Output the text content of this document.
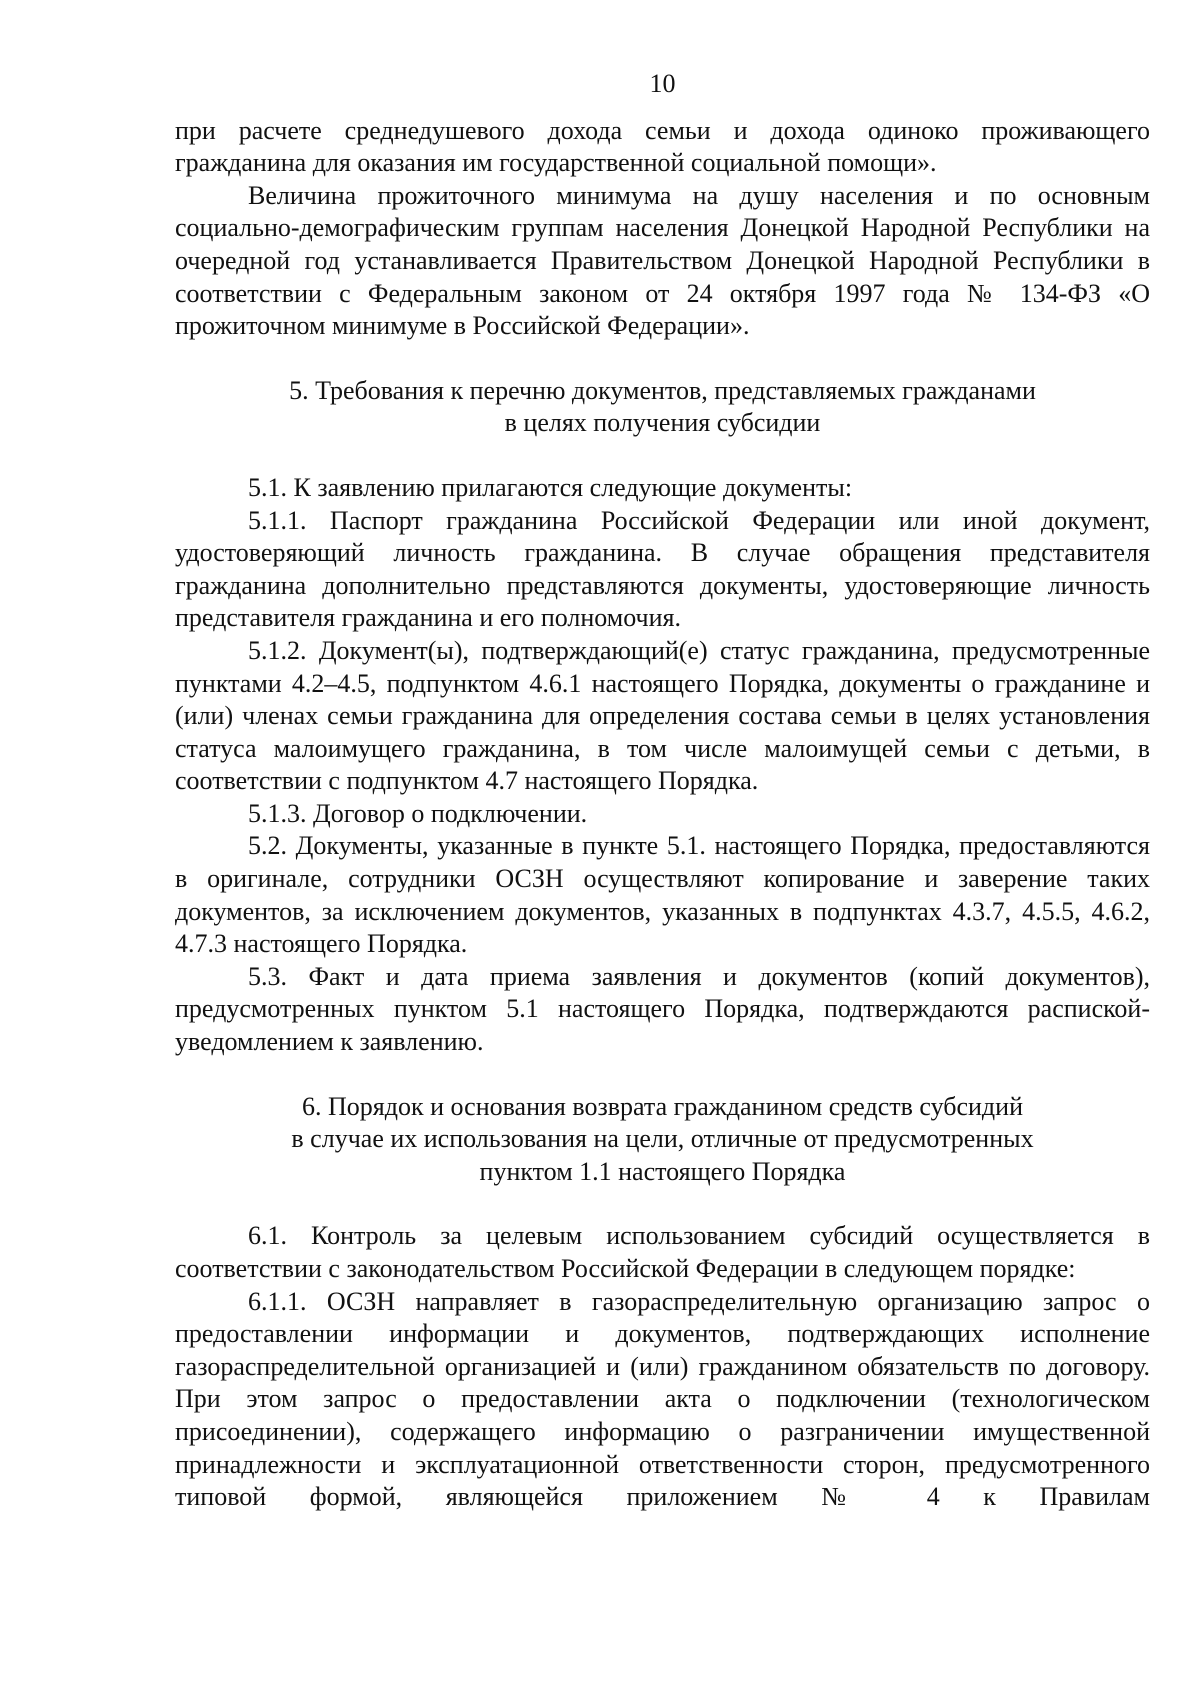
10

при расчете среднедушевого дохода семьи и дохода одиноко проживающего гражданина для оказания им государственной социальной помощи».

Величина прожиточного минимума на душу населения и по основным социально-демографическим группам населения Донецкой Народной Республики на очередной год устанавливается Правительством Донецкой Народной Республики в соответствии с Федеральным законом от 24 октября 1997 года № 134-ФЗ «О прожиточном минимуме в Российской Федерации».

5. Требования к перечню документов, представляемых гражданами

в целях получения субсидии

5.1. К заявлению прилагаются следующие документы:

5.1.1. Паспорт гражданина Российской Федерации или иной документ, удостоверяющий личность гражданина. В случае обращения представителя гражданина дополнительно представляются документы, удостоверяющие личность представителя гражданина и его полномочия.

5.1.2. Документ(ы), подтверждающий(е) статус гражданина, предусмотренные пунктами 4.2–4.5, подпунктом 4.6.1 настоящего Порядка, документы о гражданине и (или) членах семьи гражданина для определения состава семьи в целях установления статуса малоимущего гражданина, в том числе малоимущей семьи с детьми, в соответствии с подпунктом 4.7 настоящего Порядка.

5.1.3. Договор о подключении.

5.2. Документы, указанные в пункте 5.1. настоящего Порядка, предоставляются в оригинале, сотрудники ОСЗН осуществляют копирование и заверение таких документов, за исключением документов, указанных в подпунктах 4.3.7, 4.5.5, 4.6.2, 4.7.3 настоящего Порядка.

5.3. Факт и дата приема заявления и документов (копий документов), предусмотренных пунктом 5.1 настоящего Порядка, подтверждаются распиской-уведомлением к заявлению.

6. Порядок и основания возврата гражданином средств субсидий

в случае их использования на цели, отличные от предусмотренных

пунктом 1.1 настоящего Порядка

6.1. Контроль за целевым использованием субсидий осуществляется в соответствии с законодательством Российской Федерации в следующем порядке:

6.1.1. ОСЗН направляет в газораспределительную организацию запрос о предоставлении информации и документов, подтверждающих исполнение газораспределительной организацией и (или) гражданином обязательств по договору. При этом запрос о предоставлении акта о подключении (технологическом присоединении), содержащего информацию о разграничении имущественной принадлежности и эксплуатационной ответственности сторон, предусмотренного типовой формой, являющейся приложением № 4 к Правилам
